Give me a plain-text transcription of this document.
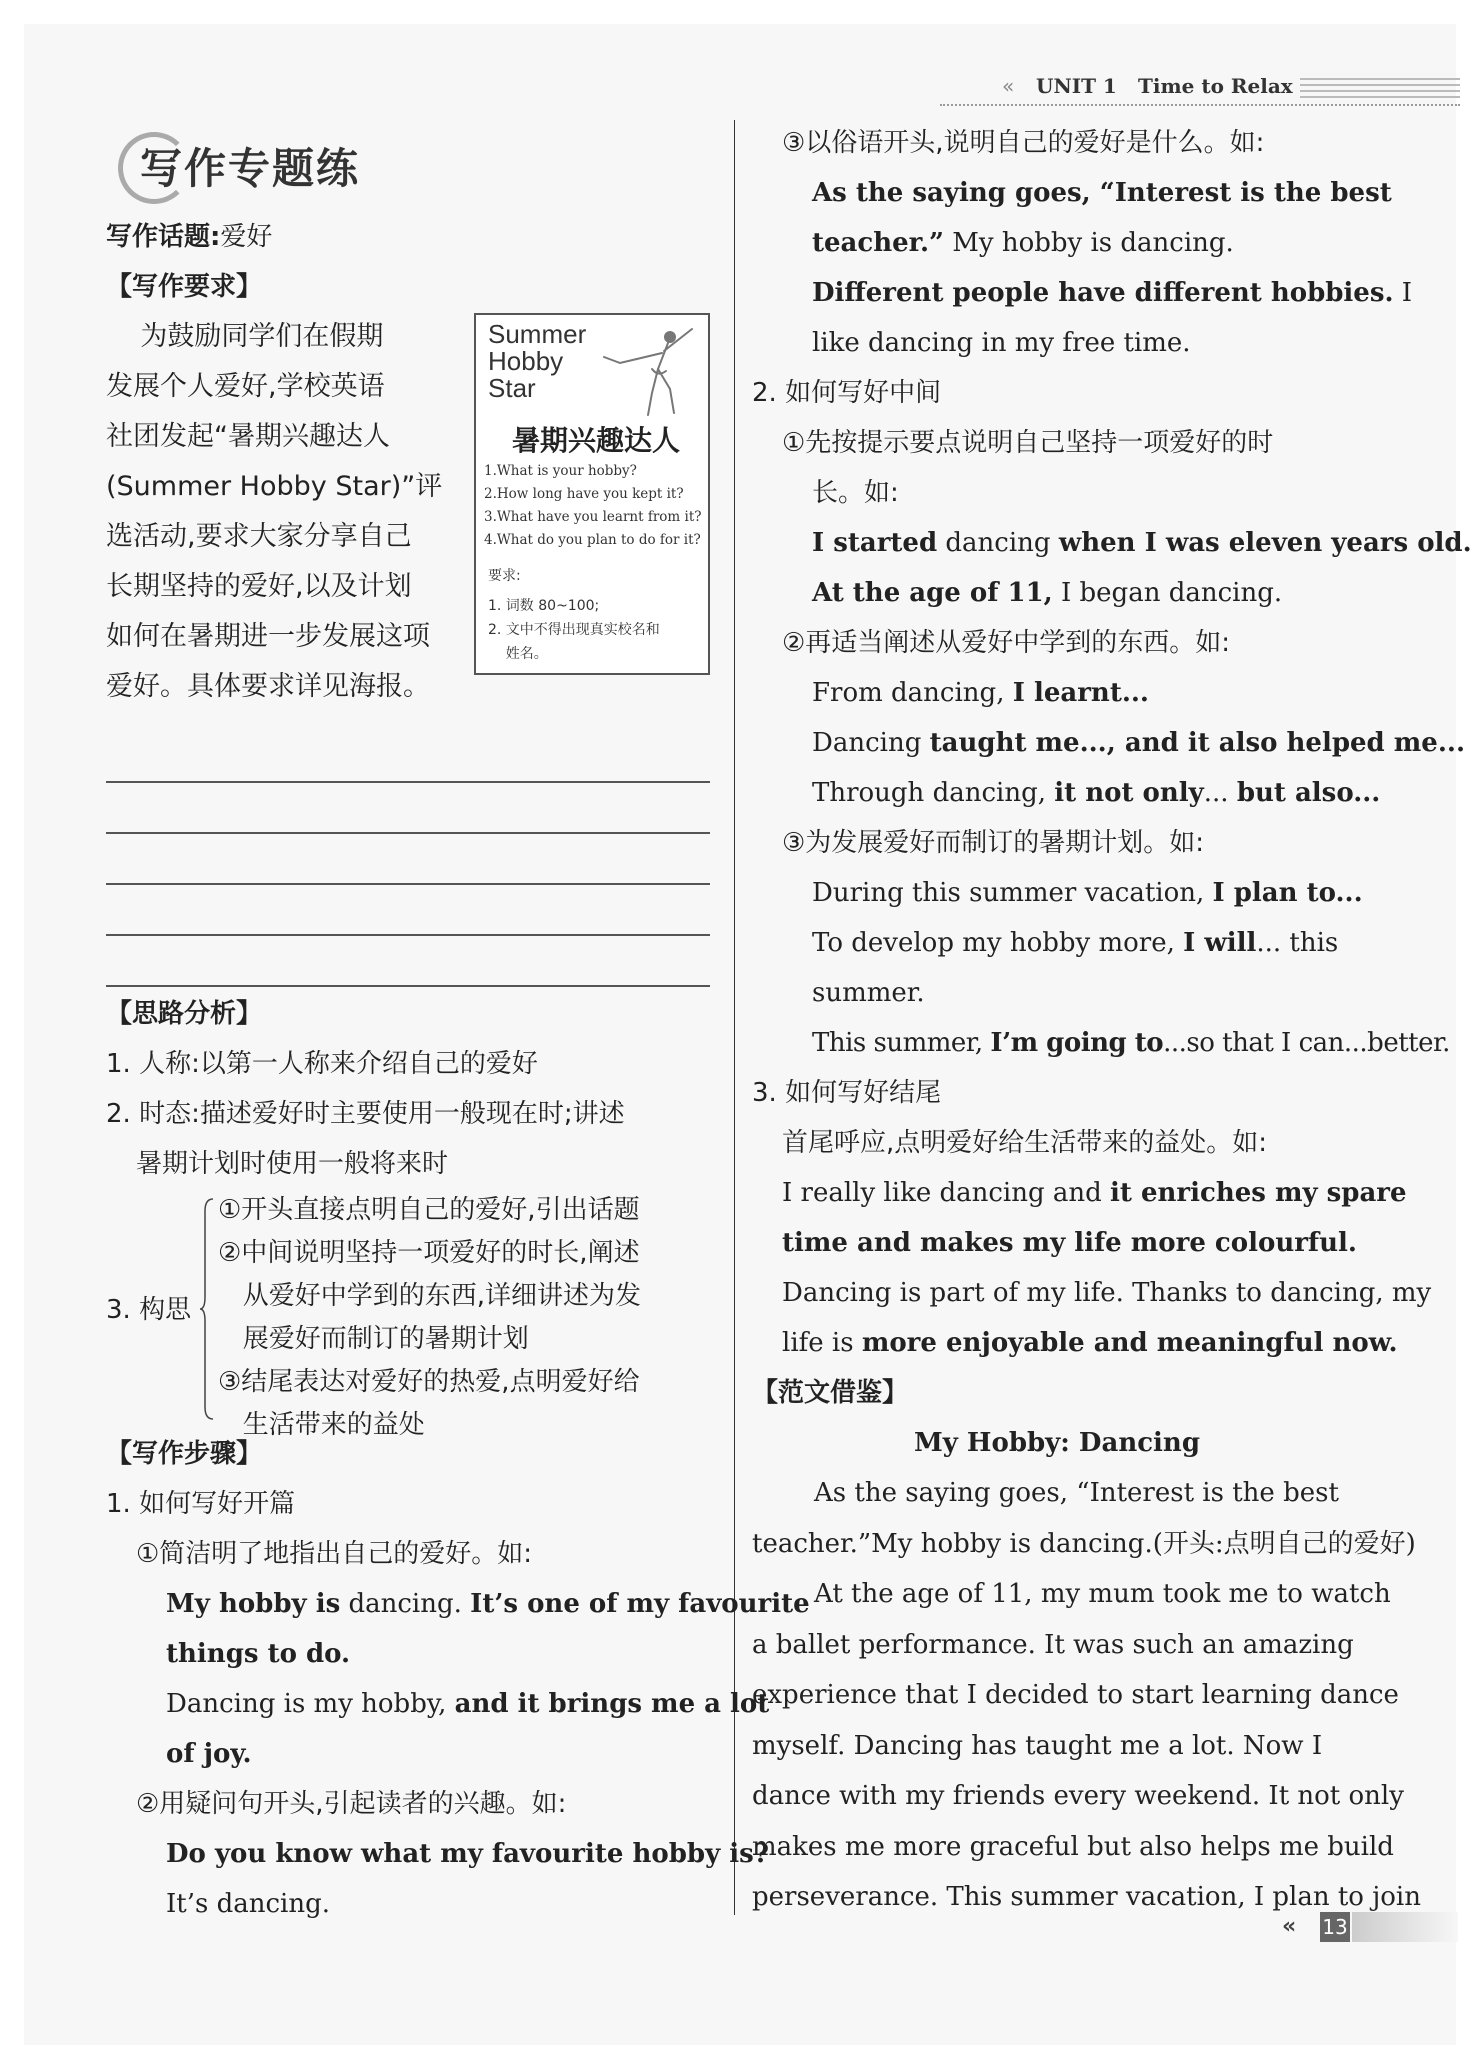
« UNIT 1 Time to Relax
写作专题练
写作话题:爱好
【写作要求】
为鼓励同学们在假期
发展个人爱好,学校英语
社团发起“暑期兴趣达人
(Summer Hobby Star)”评
选活动,要求大家分享自己
长期坚持的爱好,以及计划
如何在暑期进一步发展这项
爱好。具体要求详见海报。
【思路分析】
1. 人称:以第一人称来介绍自己的爱好
2. 时态:描述爱好时主要使用一般现在时;讲述
暑期计划时使用一般将来时
3. 构思
①开头直接点明自己的爱好,引出话题
②中间说明坚持一项爱好的时长,阐述
从爱好中学到的东西,详细讲述为发
展爱好而制订的暑期计划
③结尾表达对爱好的热爱,点明爱好给
生活带来的益处
【写作步骤】
1. 如何写好开篇
①简洁明了地指出自己的爱好。如:
My hobby is dancing. It’s one of my favourite
things to do.
Dancing is my hobby, and it brings me a lot
of joy.
②用疑问句开头,引起读者的兴趣。如:
Do you know what my favourite hobby is?
It’s dancing.
Summer
Hobby
Star
暑期兴趣达人
1.What is your hobby?
2.How long have you kept it?
3.What have you learnt from it?
4.What do you plan to do for it?
要求:
1. 词数 80~100;
2. 文中不得出现真实校名和
姓名。
③以俗语开头,说明自己的爱好是什么。如:
As the saying goes, “Interest is the best
teacher.” My hobby is dancing.
Different people have different hobbies. I
like dancing in my free time.
2. 如何写好中间
①先按提示要点说明自己坚持一项爱好的时
长。如:
I started dancing when I was eleven years old.
At the age of 11, I began dancing.
②再适当阐述从爱好中学到的东西。如:
From dancing, I learnt...
Dancing taught me..., and it also helped me...
Through dancing, it not only... but also...
③为发展爱好而制订的暑期计划。如:
During this summer vacation, I plan to...
To develop my hobby more, I will... this
summer.
This summer, I’m going to...so that I can...better.
3. 如何写好结尾
首尾呼应,点明爱好给生活带来的益处。如:
I really like dancing and it enriches my spare
time and makes my life more colourful.
Dancing is part of my life. Thanks to dancing, my
life is more enjoyable and meaningful now.
【范文借鉴】
My Hobby: Dancing

As the saying goes, “Interest is the best

teacher.”My hobby is dancing.(开头:点明自己的爱好)

At the age of 11, my mum took me to watch

a ballet performance. It was such an amazing

experience that I decided to start learning dance

myself. Dancing has taught me a lot. Now I

dance with my friends every weekend. It not only

makes me more graceful but also helps me build

perseverance. This summer vacation, I plan to join

« 13
